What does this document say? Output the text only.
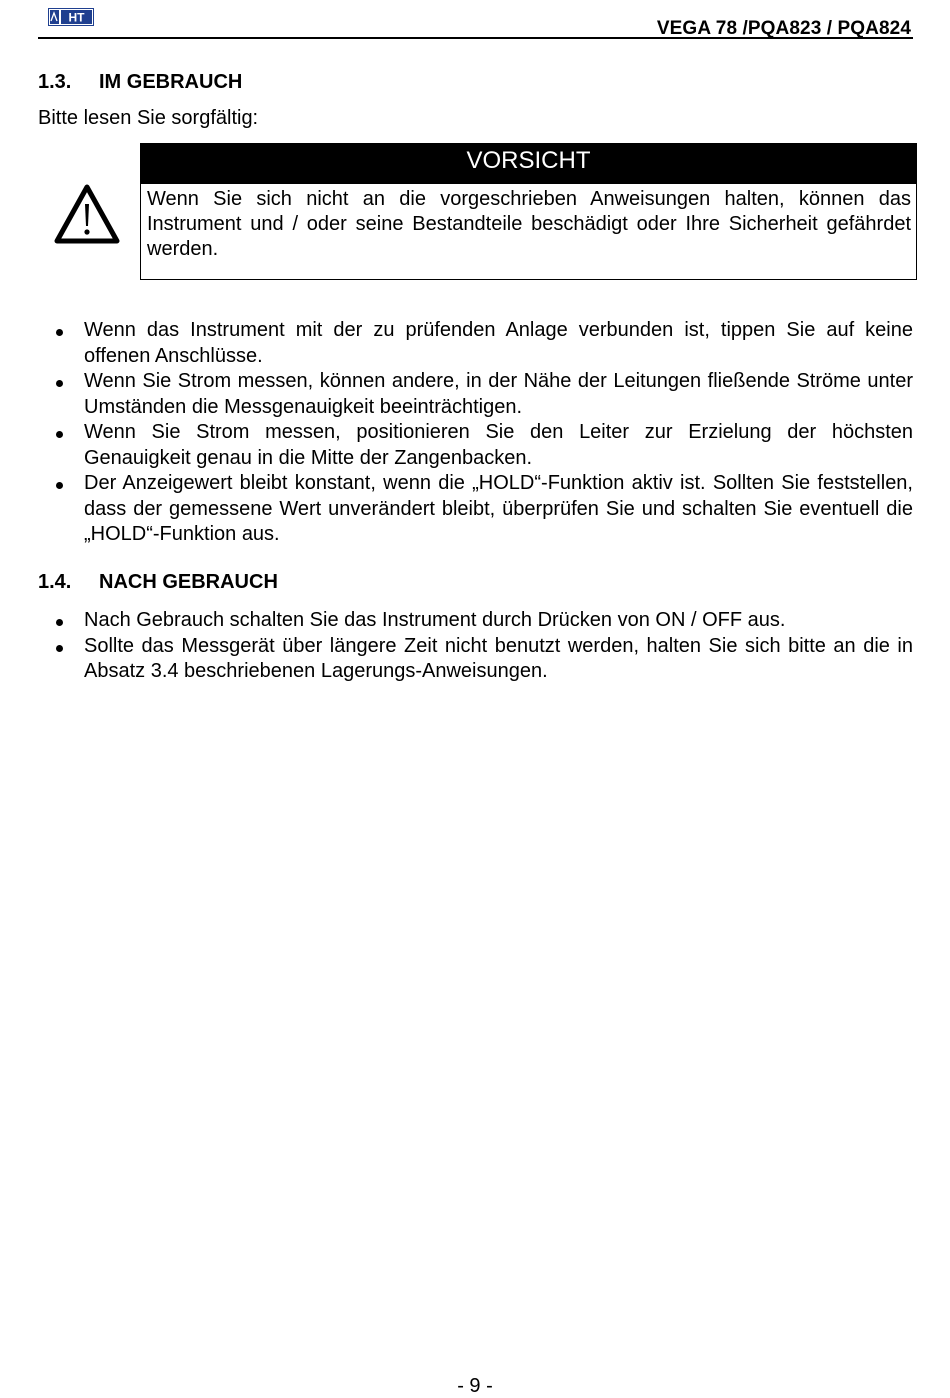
HT
VEGA 78 /PQA823 / PQA824
1.3. IM GEBRAUCH
Bitte lesen Sie sorgfältig:
VORSICHT
Wenn Sie sich nicht an die vorgeschrieben Anweisungen halten, können das Instrument und / oder seine Bestandteile beschädigt oder Ihre Sicherheit gefährdet werden.
Wenn das Instrument mit der zu prüfenden Anlage verbunden ist, tippen Sie auf keine offenen Anschlüsse.
Wenn Sie Strom messen, können andere, in der Nähe der Leitungen fließende Ströme unter Umständen die Messgenauigkeit beeinträchtigen.
Wenn Sie Strom messen, positionieren Sie den Leiter zur Erzielung der höchsten Genauigkeit genau in die Mitte der Zangenbacken.
Der Anzeigewert bleibt konstant, wenn die „HOLD“-Funktion aktiv ist. Sollten Sie feststellen, dass der gemessene Wert unverändert bleibt, überprüfen Sie und schalten Sie eventuell die „HOLD“-Funktion aus.
1.4. NACH GEBRAUCH
Nach Gebrauch schalten Sie das Instrument durch Drücken von ON / OFF aus.
Sollte das Messgerät über längere Zeit nicht benutzt werden, halten Sie sich bitte an die in Absatz 3.4 beschriebenen Lagerungs-Anweisungen.
- 9 -
